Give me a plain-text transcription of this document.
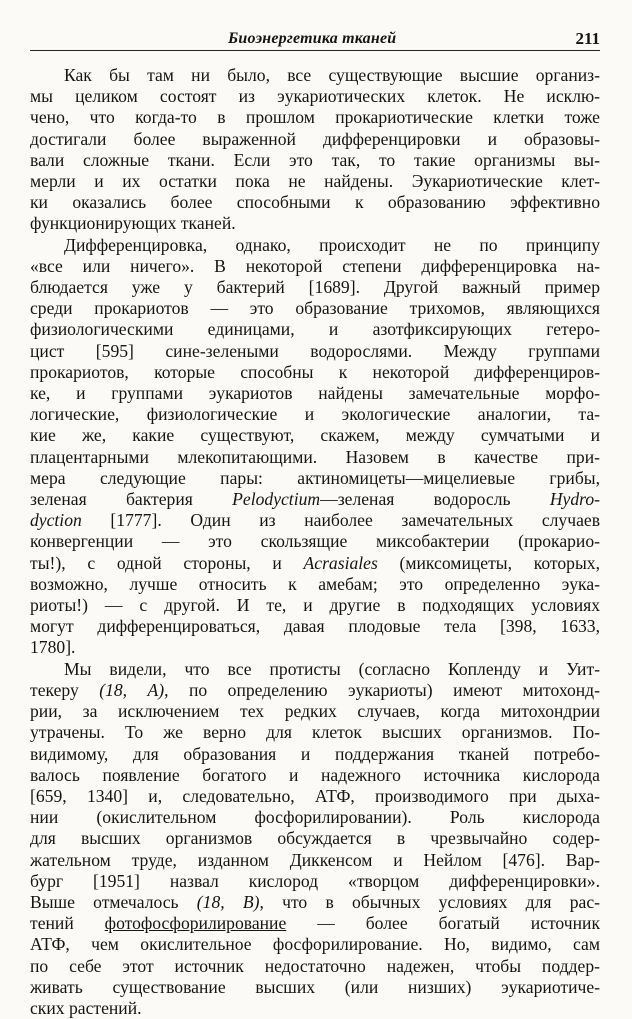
Биоэнергетика тканей	211
Как бы там ни было, все существующие высшие организ-
мы целиком состоят из эукариотических клеток. Не исклю-
чено, что когда-то в прошлом прокариотические клетки тоже
достигали более выраженной дифференцировки и образовы-
вали сложные ткани. Если это так, то такие организмы вы-
мерли и их остатки пока не найдены. Эукариотические клет-
ки оказались более способными к образованию эффективно
функционирующих тканей.
Дифференцировка, однако, происходит не по принципу
«все или ничего». В некоторой степени дифференцировка на-
блюдается уже у бактерий [1689]. Другой важный пример
среди прокариотов — это образование трихомов, являющихся
физиологическими единицами, и азотфиксирующих гетеро-
цист [595] сине-зелеными водорослями. Между группами
прокариотов, которые способны к некоторой дифференциров-
ке, и группами эукариотов найдены замечательные морфо-
логические, физиологические и экологические аналогии, та-
кие же, какие существуют, скажем, между сумчатыми и
плацентарными млекопитающими. Назовем в качестве при-
мера следующие пары: актиномицеты—мицелиевые грибы,
зеленая бактерия Pelodyctium—зеленая водоросль Hydro-
dyction [1777]. Один из наиболее замечательных случаев
конвергенции — это скользящие миксобактерии (прокарио-
ты!), с одной стороны, и Acrasiales (миксомицеты, которых,
возможно, лучше относить к амебам; это определенно эука-
риоты!) — с другой. И те, и другие в подходящих условиях
могут дифференцироваться, давая плодовые тела [398, 1633,
1780].
Мы видели, что все протисты (согласно Копленду и Уит-
текеру (18, A), по определению эукариоты) имеют митохонд-
рии, за исключением тех редких случаев, когда митохондрии
утрачены. То же верно для клеток высших организмов. По-
видимому, для образования и поддержания тканей потребо-
валось появление богатого и надежного источника кислорода
[659, 1340] и, следовательно, АТФ, производимого при дыха-
нии (окислительном фосфорилировании). Роль кислорода
для высших организмов обсуждается в чрезвычайно содер-
жательном труде, изданном Диккенсом и Нейлом [476]. Вар-
бург [1951] назвал кислород «творцом дифференцировки».
Выше отмечалось (18, B), что в обычных условиях для рас-
тений фотофосфорилирование — более богатый источник
АТФ, чем окислительное фосфорилирование. Но, видимо, сам
по себе этот источник недостаточно надежен, чтобы поддер-
живать существование высших (или низших) эукариотиче-
ских растений.
